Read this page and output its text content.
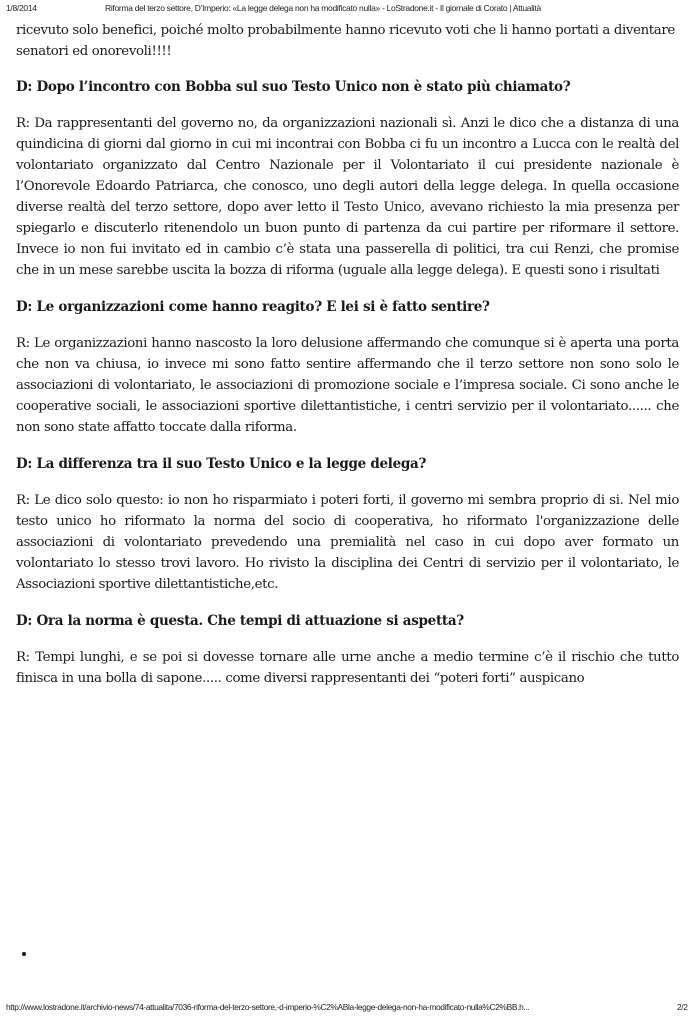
1/8/2014	Riforma del terzo settore, D’Imperio: «La legge delega non ha modificato nulla» - LoStradone.it - Il giornale di Corato | Attualità

ricevuto solo benefici, poiché molto probabilmente hanno ricevuto voti che li hanno portati a diventare senatori ed onorevoli!!!!

D: Dopo l’incontro con Bobba sul suo Testo Unico non è stato più chiamato?

R: Da rappresentanti del governo no, da organizzazioni nazionali sì. Anzi le dico che a distanza di una quindicina di giorni dal giorno in cui mi incontrai con Bobba ci fu un incontro a Lucca con le realtà del volontariato organizzato dal Centro Nazionale per il Volontariato il cui presidente nazionale è l’Onorevole Edoardo Patriarca, che conosco, uno degli autori della legge delega. In quella occasione diverse realtà del terzo settore, dopo aver letto il Testo Unico, avevano richiesto la mia presenza per spiegarlo e discuterlo ritenendolo un buon punto di partenza da cui partire per riformare il settore. Invece io non fui invitato ed in cambio c’è stata una passerella di politici, tra cui Renzi, che promise che in un mese sarebbe uscita la bozza di riforma (uguale alla legge delega). E questi sono i risultati

D: Le organizzazioni come hanno reagito? E lei si è fatto sentire?

R: Le organizzazioni hanno nascosto la loro delusione affermando che comunque si è aperta una porta che non va chiusa, io invece mi sono fatto sentire affermando che il terzo settore non sono solo le associazioni di volontariato, le associazioni di promozione sociale e l’impresa sociale. Ci sono anche le cooperative sociali, le associazioni sportive dilettantistiche, i centri servizio per il volontariato...... che non sono state affatto toccate dalla riforma.

D: La differenza tra il suo Testo Unico e la legge delega?

R: Le dico solo questo: io non ho risparmiato i poteri forti, il governo mi sembra proprio di si. Nel mio testo unico ho riformato la norma del socio di cooperativa, ho riformato l'organizzazione delle associazioni di volontariato prevedendo una premialità nel caso in cui dopo aver formato un volontariato lo stesso trovi lavoro. Ho rivisto la disciplina dei Centri di servizio per il volontariato, le Associazioni sportive dilettantistiche,etc.

D: Ora la norma è questa. Che tempi di attuazione si aspetta?

R: Tempi lunghi, e se poi si dovesse tornare alle urne anche a medio termine c’è il rischio che tutto finisca in una bolla di sapone..... come diversi rappresentanti dei “poteri forti” auspicano

http://www.lostradone.it/archivio-news/74-attualita/7036-riforma-del-terzo-settore,-d-imperio-%C2%ABla-legge-delega-non-ha-modificato-nulla%C2%BB.h...	2/2
